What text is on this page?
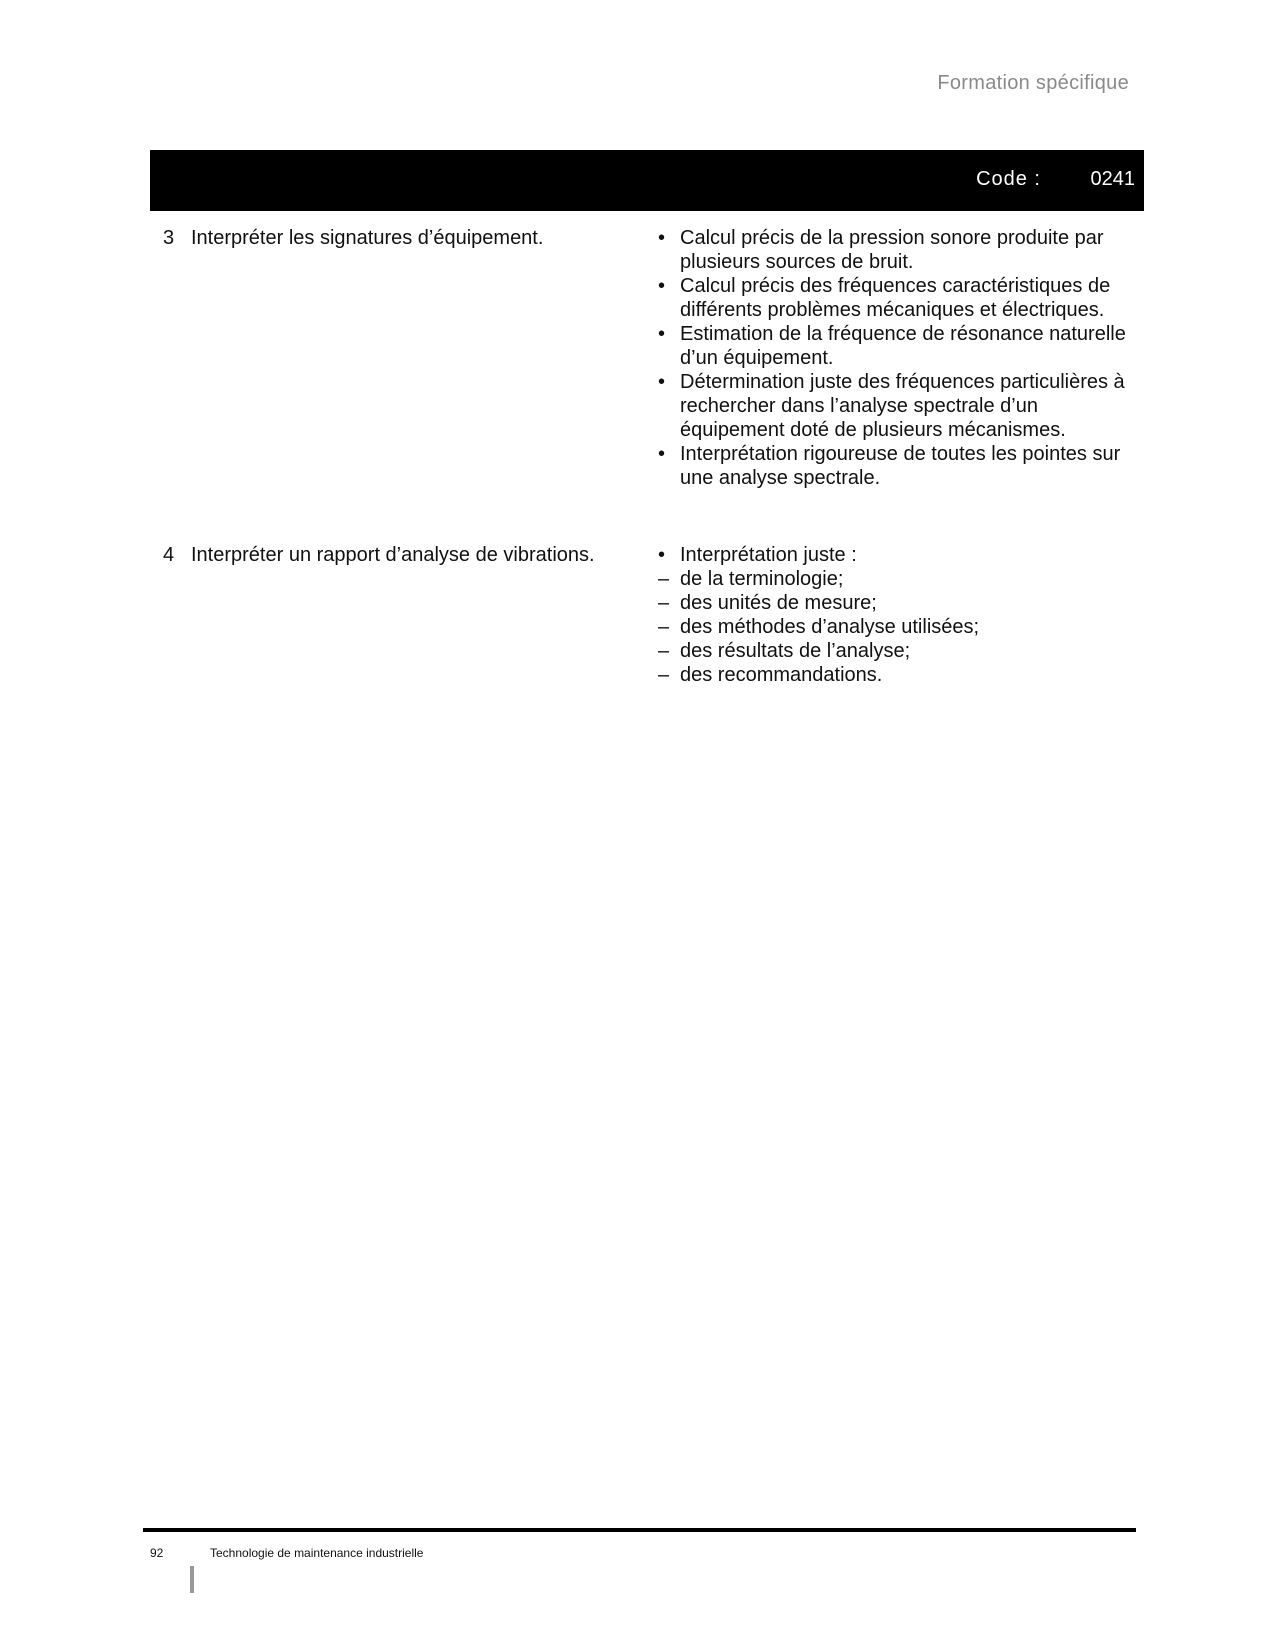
Formation spécifique
Code : 0241
3 Interpréter les signatures d’équipement.	• Calcul précis de la pression sonore produite par plusieurs sources de bruit.
• Calcul précis des fréquences caractéristiques de différents problèmes mécaniques et électriques.
• Estimation de la fréquence de résonance naturelle d’un équipement.
• Détermination juste des fréquences particulières à rechercher dans l’analyse spectrale d’un équipement doté de plusieurs mécanismes.
• Interprétation rigoureuse de toutes les pointes sur une analyse spectrale.
4 Interpréter un rapport d’analyse de vibrations.	• Interprétation juste :
– de la terminologie;
– des unités de mesure;
– des méthodes d’analyse utilisées;
– des résultats de l’analyse;
– des recommandations.
92	Technologie de maintenance industrielle
